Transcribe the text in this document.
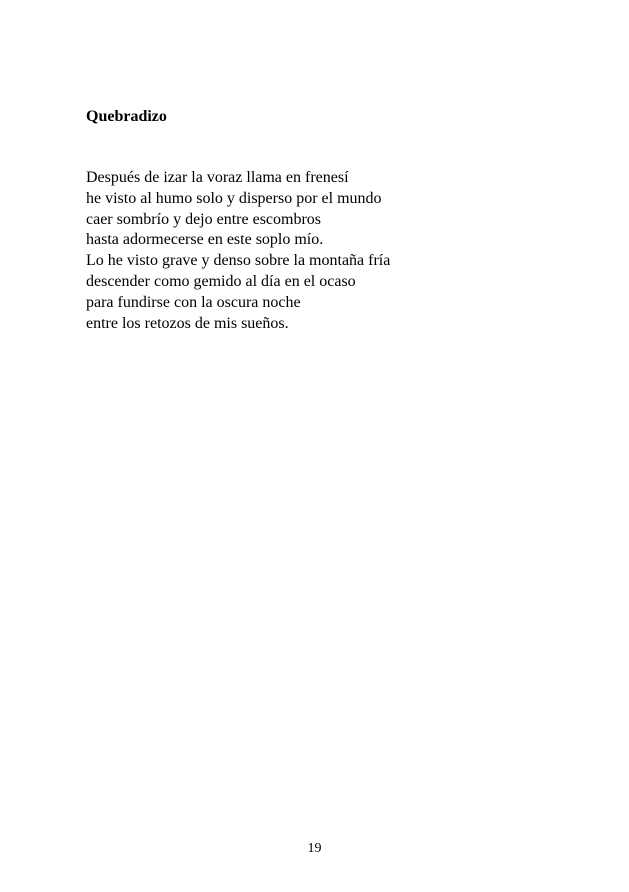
Quebradizo
Después de izar la voraz llama en frenesí
he visto al humo solo y disperso por el mundo
caer sombrío y dejo entre escombros
hasta adormecerse en este soplo mío.
Lo he visto grave y denso sobre la montaña fría
descender como gemido al día en el ocaso
para fundirse con la oscura noche
entre los retozos de mis sueños.
19
